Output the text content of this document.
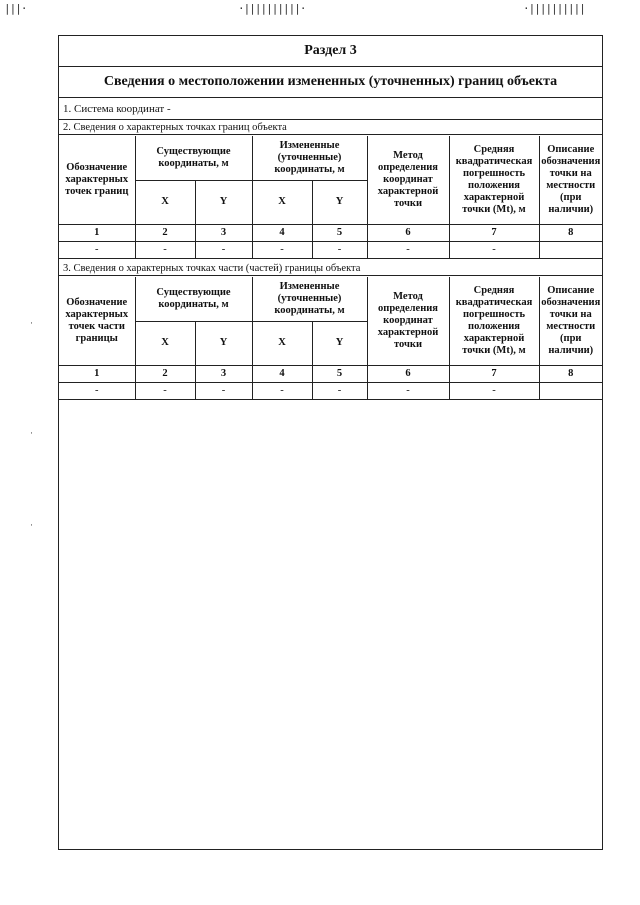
|||·	·||||||||||·	·||||||||||
·
·
·
Раздел 3
Сведения о местоположении измененных (уточненных) границ объекта
1. Система координат -
2. Сведения о характерных точках границ объекта
Обозначение характерных точек границ	Существующие координаты, м		Измененные (уточненные) координаты, м		Метод определения координат характерной точки	Средняя квадратическая погрешность положения характерной точки (Mt), м	Описание обозначения точки на местности (при наличии)
	X	Y	X	Y			
1	2	3	4	5	6	7	8
-	-	-	-	-	-	-	
3. Сведения о характерных точках части (частей) границы объекта
Обозначение характерных точек части границы	Существующие координаты, м		Измененные (уточненные) координаты, м		Метод определения координат характерной точки	Средняя квадратическая погрешность положения характерной точки (Mt), м	Описание обозначения точки на местности (при наличии)
	X	Y	X	Y			
1	2	3	4	5	6	7	8
-	-	-	-	-	-	-	
